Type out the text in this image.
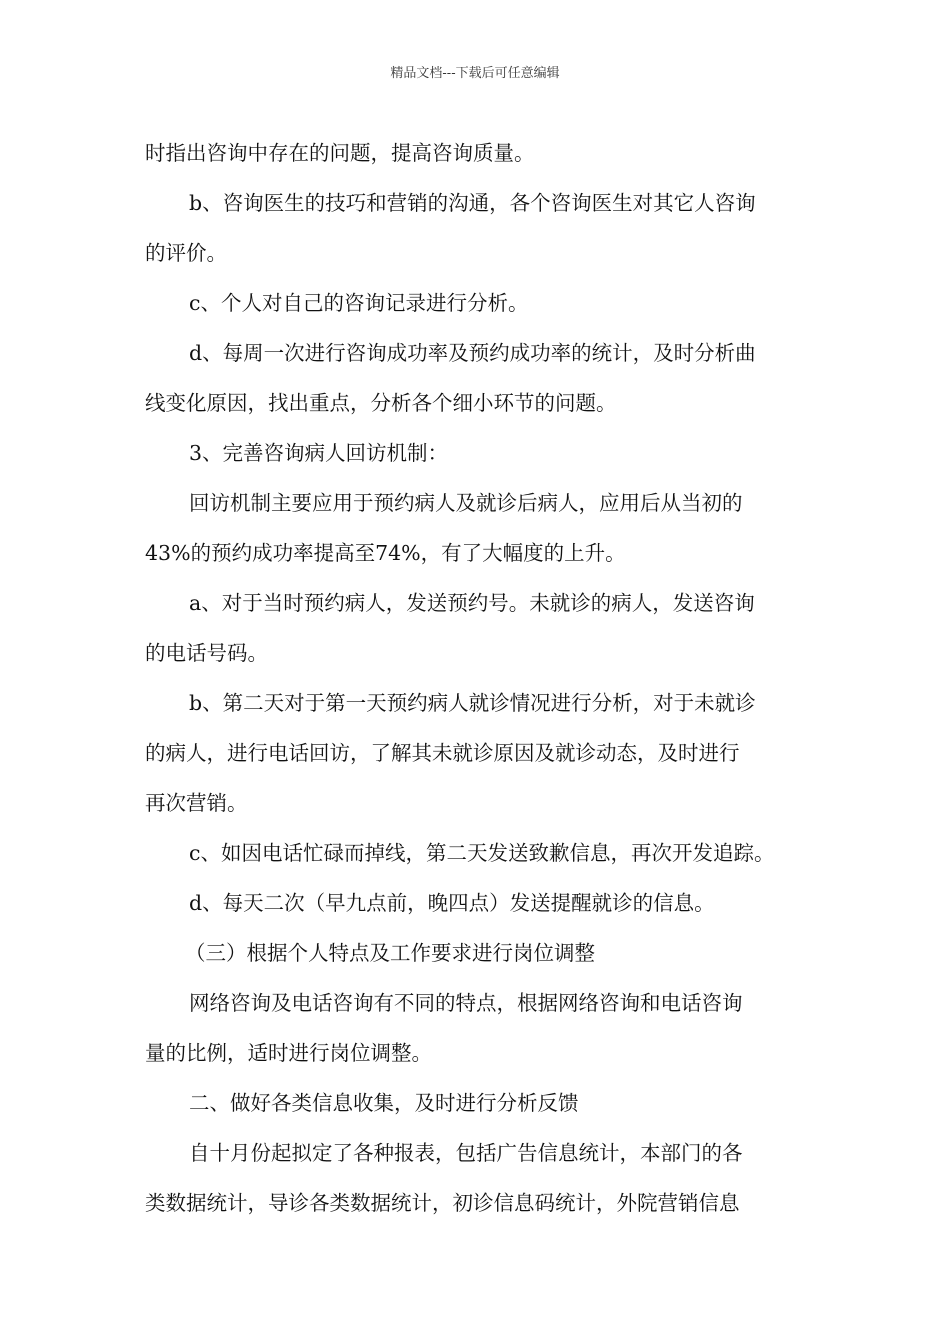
精品文档---下载后可任意编辑
时指出咨询中存在的问题，提高咨询质量。
b、咨询医生的技巧和营销的沟通，各个咨询医生对其它人咨询
的评价。
c、个人对自己的咨询记录进行分析。
d、每周一次进行咨询成功率及预约成功率的统计，及时分析曲
线变化原因，找出重点，分析各个细小环节的问题。
3、完善咨询病人回访机制：
回访机制主要应用于预约病人及就诊后病人，应用后从当初的
43%的预约成功率提高至74%，有了大幅度的上升。
a、对于当时预约病人，发送预约号。未就诊的病人，发送咨询
的电话号码。
b、第二天对于第一天预约病人就诊情况进行分析，对于未就诊
的病人，进行电话回访，了解其未就诊原因及就诊动态，及时进行
再次营销。
c、如因电话忙碌而掉线，第二天发送致歉信息，再次开发追踪。
d、每天二次（早九点前，晚四点）发送提醒就诊的信息。
（三）根据个人特点及工作要求进行岗位调整
网络咨询及电话咨询有不同的特点，根据网络咨询和电话咨询
量的比例，适时进行岗位调整。
二、做好各类信息收集，及时进行分析反馈
自十月份起拟定了各种报表，包括广告信息统计，本部门的各
类数据统计，导诊各类数据统计，初诊信息码统计，外院营销信息
